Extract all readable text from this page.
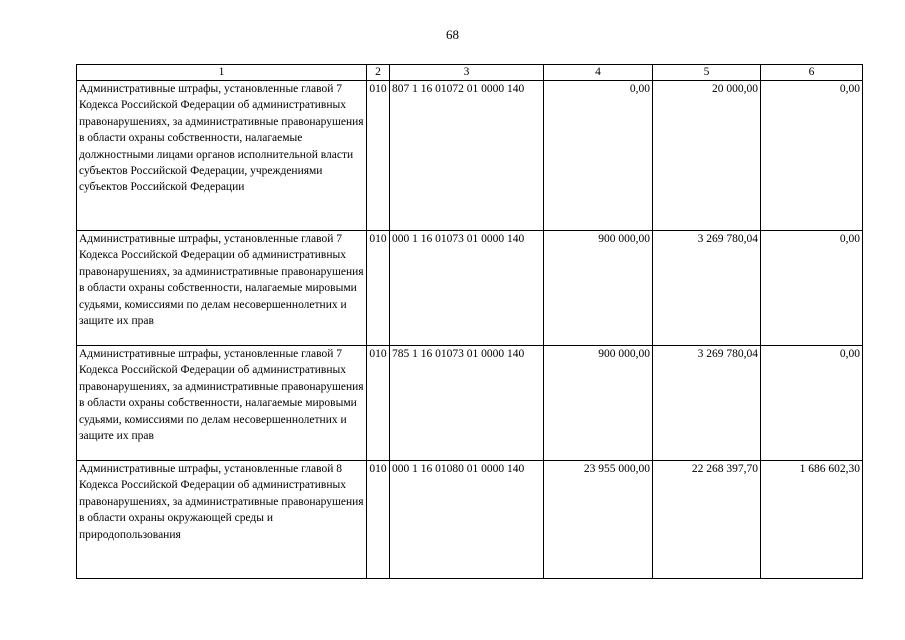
68
1	2	3	4	5	6
Административные штрафы, установленные главой 7 Кодекса Российской Федерации об административных правонарушениях, за административные правонарушения в области охраны собственности, налагаемые должностными лицами органов исполнительной власти субъектов Российской Федерации, учреждениями субъектов Российской Федерации	010	807 1 16 01072 01 0000 140	0,00	20 000,00	0,00
Административные штрафы, установленные главой 7 Кодекса Российской Федерации об административных правонарушениях, за административные правонарушения в области охраны собственности, налагаемые мировыми судьями, комиссиями по делам несовершеннолетних и защите их прав	010	000 1 16 01073 01 0000 140	900 000,00	3 269 780,04	0,00
Административные штрафы, установленные главой 7 Кодекса Российской Федерации об административных правонарушениях, за административные правонарушения в области охраны собственности, налагаемые мировыми судьями, комиссиями по делам несовершеннолетних и защите их прав	010	785 1 16 01073 01 0000 140	900 000,00	3 269 780,04	0,00
Административные штрафы, установленные главой 8 Кодекса Российской Федерации об административных правонарушениях, за административные правонарушения в области охраны окружающей среды и природопользования	010	000 1 16 01080 01 0000 140	23 955 000,00	22 268 397,70	1 686 602,30
